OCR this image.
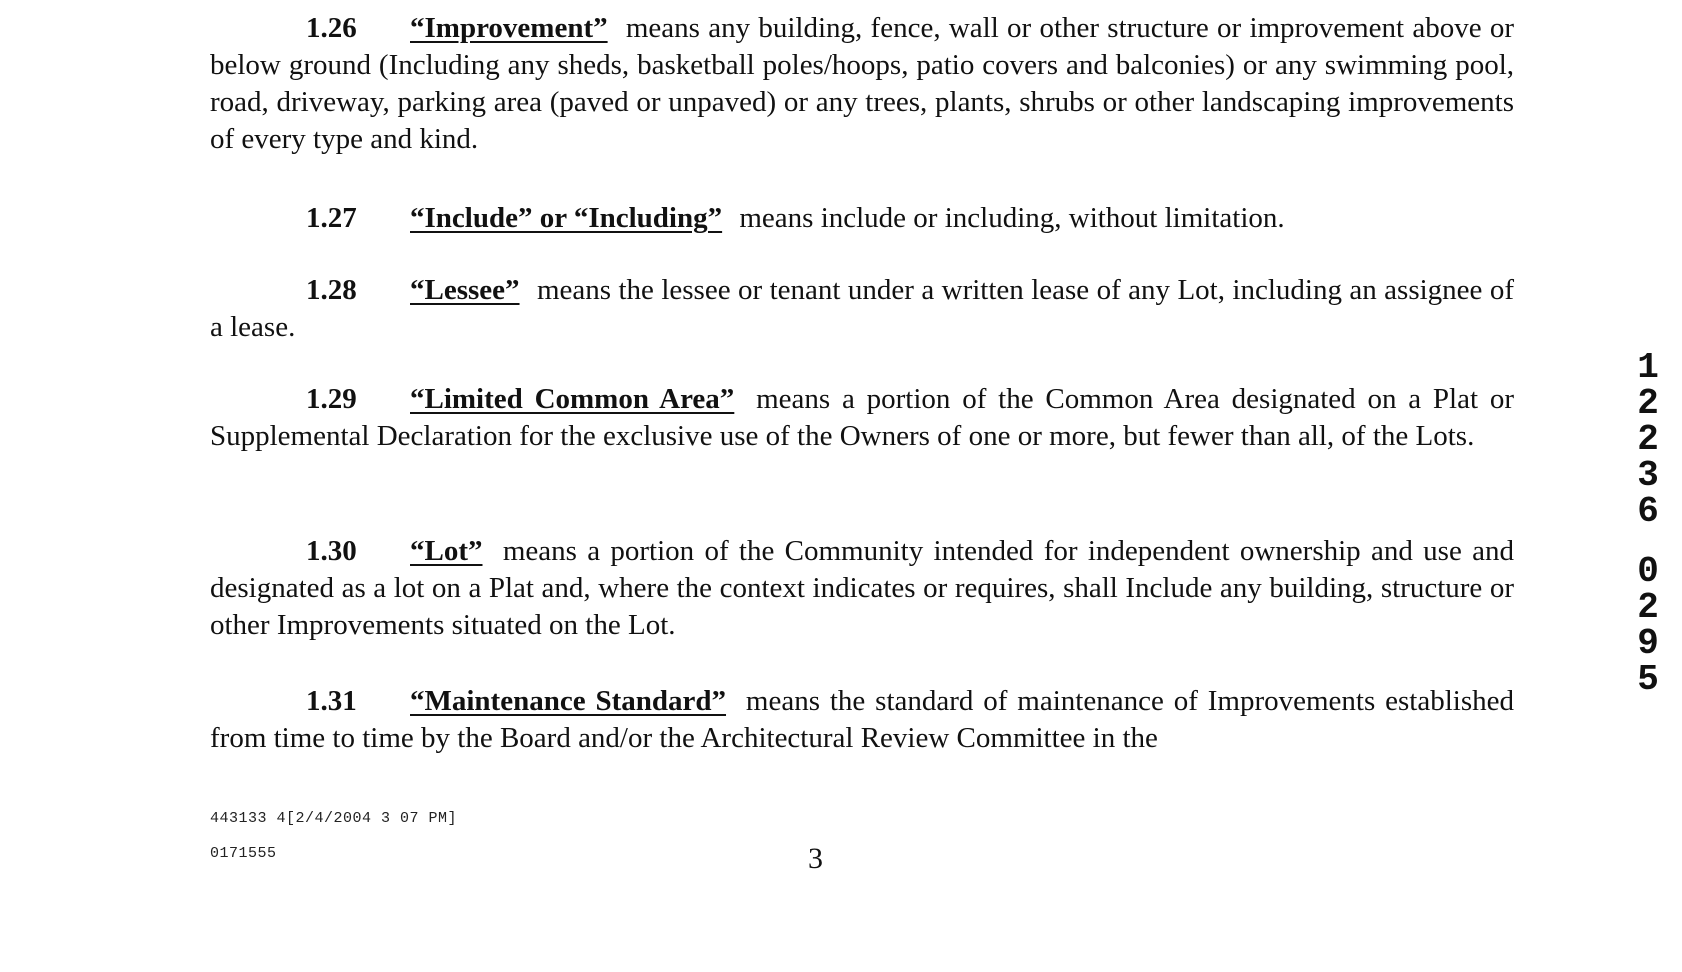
1.26 “Improvement” means any building, fence, wall or other structure or improvement above or below ground (Including any sheds, basketball poles/hoops, patio covers and balconies) or any swimming pool, road, driveway, parking area (paved or unpaved) or any trees, plants, shrubs or other landscaping improvements of every type and kind.

1.27 “Include” or “Including” means include or including, without limitation.

1.28 “Lessee” means the lessee or tenant under a written lease of any Lot, including an assignee of a lease.

1.29 “Limited Common Area” means a portion of the Common Area designated on a Plat or Supplemental Declaration for the exclusive use of the Owners of one or more, but fewer than all, of the Lots.

1.30 “Lot” means a portion of the Community intended for independent ownership and use and designated as a lot on a Plat and, where the context indicates or requires, shall Include any building, structure or other Improvements situated on the Lot.

1.31 “Maintenance Standard” means the standard of maintenance of Improvements established from time to time by the Board and/or the Architectural Review Committee in the

443133 4[2/4/2004 3 07 PM]
0171555	3
1
2
2
3
6
0
2
9
5
